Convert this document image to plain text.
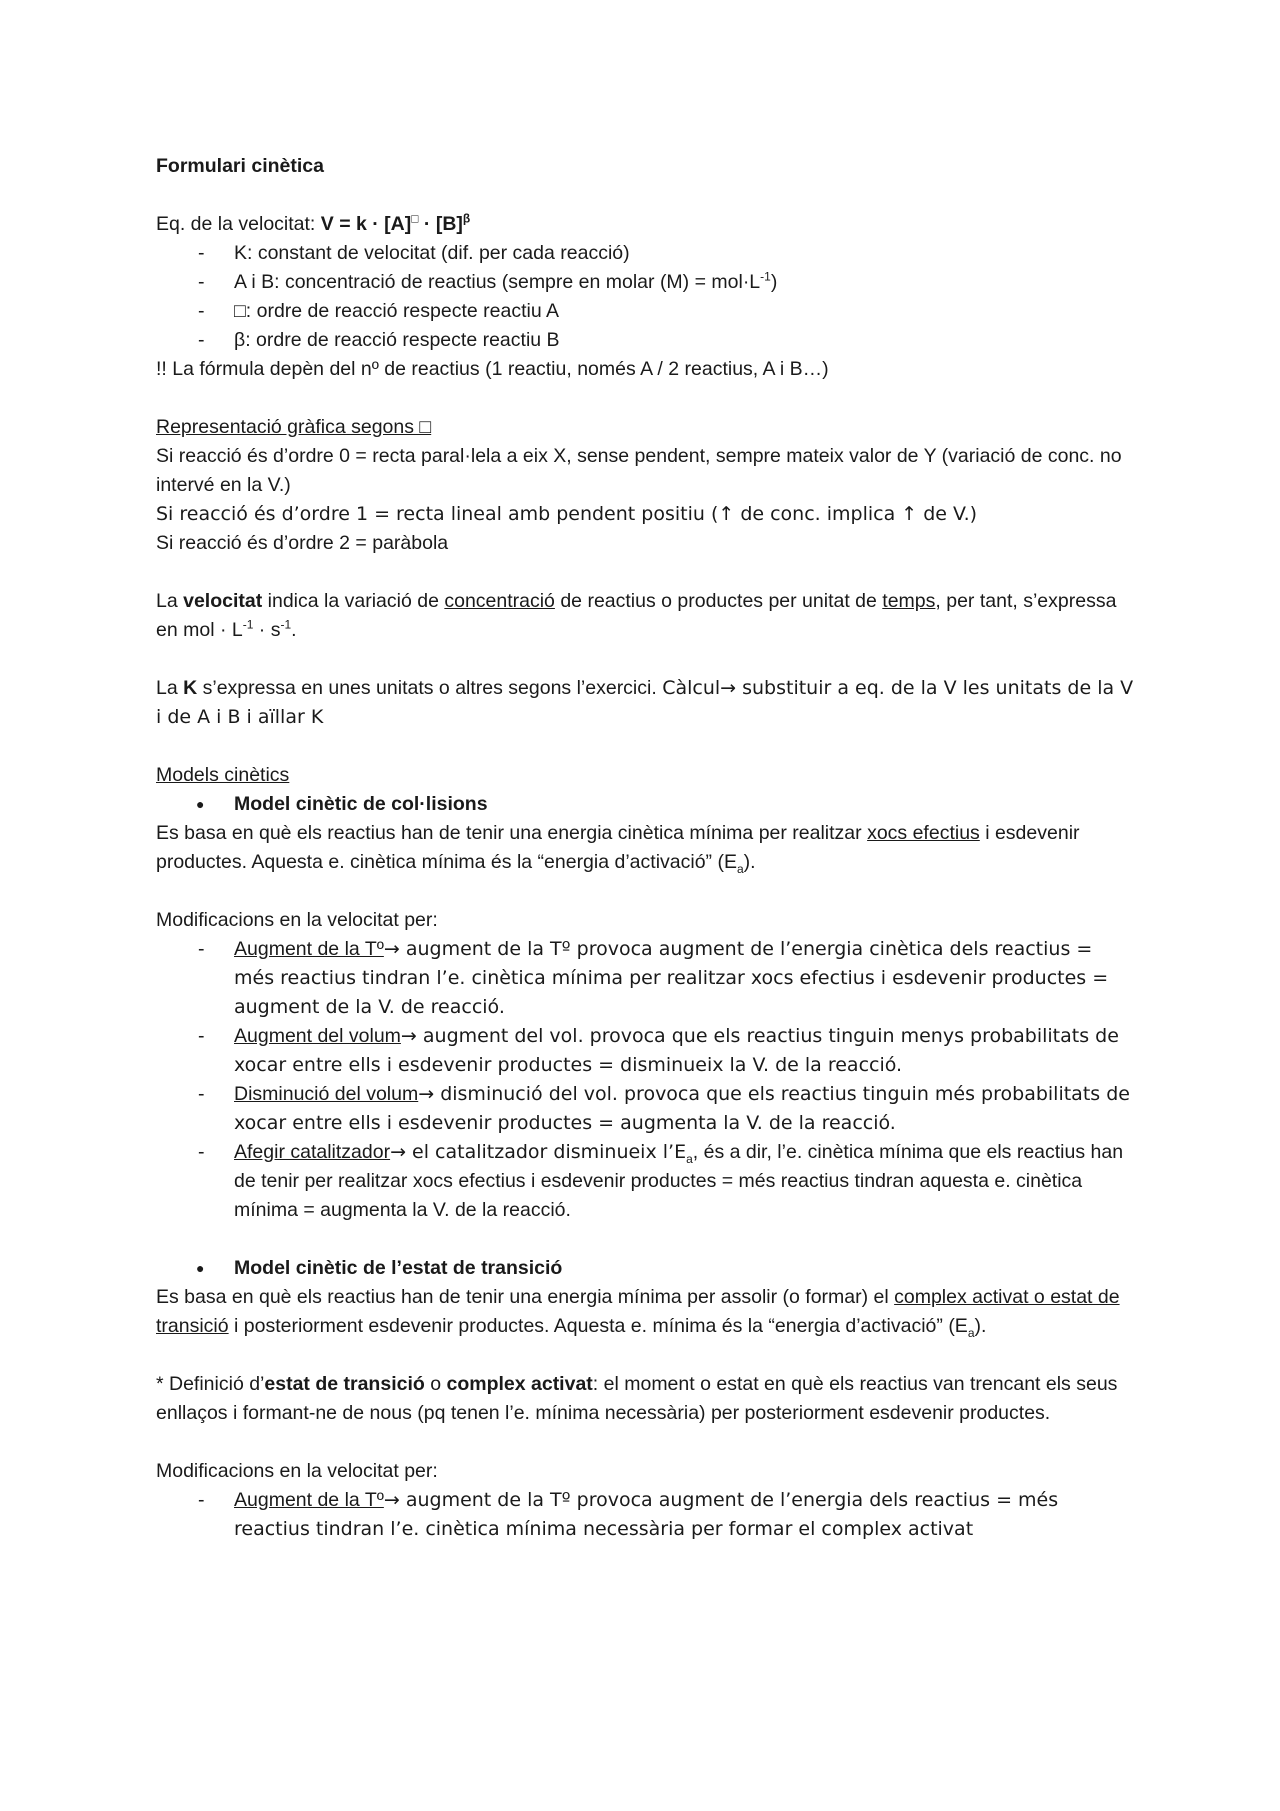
Formulari cinètica

Eq. de la velocitat: $V = k \cdot [A]^□ \cdot [B]^\beta$

- K: constant de velocitat (dif. per cada reacció)

- A i B: concentració de reactius (sempre en molar $(M) = mol\cdot L^{-1}$)

- □: ordre de reacció respecte reactiu A

- β: ordre de reacció respecte reactiu B

!! La fórmula depèn del nº de reactius (1 reactiu, només A / 2 reactius, A i B…)

Representació gràfica segons □

Si reacció és d’ordre 0 = recta paral·lela a eix X, sense pendent, sempre mateix valor de Y (variació de conc. no intervé en la V.)

Si reacció és d’ordre 1 = recta lineal amb pendent positiu (↑ de conc. implica ↑ de V.)

Si reacció és d’ordre 2 = paràbola

La velocitat indica la variació de concentració de reactius o productes per unitat de temps, per tant, s’expressa en mol · $L^{-1} \cdot s^{-1}$.

La K s’expressa en unes unitats o altres segons l’exercici. Càlcul→ substituir a eq. de la V les unitats de la V i de A i B i aïllar K

Models cinètics

● Model cinètic de col·lisions

Es basa en què els reactius han de tenir una energia cinètica mínima per realitzar xocs efectius i esdevenir productes. Aquesta e. cinètica mínima és la “energia d’activació” $(E_a)$.

Modificacions en la velocitat per:

- Augment de la Tº→ augment de la Tº provoca augment de l’energia cinètica dels reactius = més reactius tindran l’e. cinètica mínima per realitzar xocs efectius i esdevenir productes = augment de la V. de reacció.

- Augment del volum→ augment del vol. provoca que els reactius tinguin menys probabilitats de xocar entre ells i esdevenir productes = disminueix la V. de la reacció.

- Disminució del volum→ disminució del vol. provoca que els reactius tinguin més probabilitats de xocar entre ells i esdevenir productes = augmenta la V. de la reacció.

- Afegir catalitzador→ el catalitzador disminueix $l’E_a$, és a dir, l’e. cinètica mínima que els reactius han de tenir per realitzar xocs efectius i esdevenir productes = més reactius tindran aquesta e. cinètica mínima = augmenta la V. de la reacció.

● Model cinètic de l’estat de transició

Es basa en què els reactius han de tenir una energia mínima per assolir (o formar) el complex activat o estat de transició i posteriorment esdevenir productes. Aquesta e. mínima és la “energia d’activació” $(E_a)$.

* Definició d’estat de transició o complex activat: el moment o estat en què els reactius van trencant els seus enllaços i formant-ne de nous (pq tenen l’e. mínima necessària) per posteriorment esdevenir productes.

Modificacions en la velocitat per:

- Augment de la Tº→ augment de la Tº provoca augment de l’energia dels reactius = més reactius tindran l’e. cinètica mínima necessària per formar el complex activat
